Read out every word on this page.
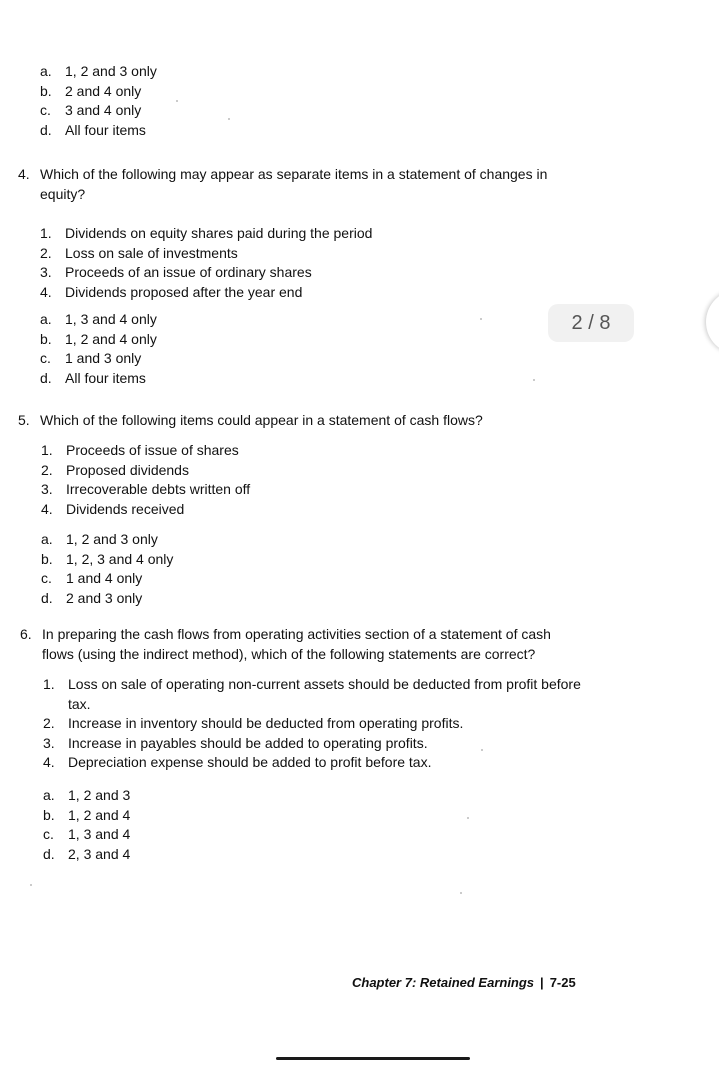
a. 1, 2 and 3 only
b. 2 and 4 only
c.	3 and 4 only
d. All four items
4. Which of the following may appear as separate items in a statement of changes in equity?
1. Dividends on equity shares paid during the period
2. Loss on sale of investments
3. Proceeds of an issue of ordinary shares
4. Dividends proposed after the year end
a. 1, 3 and 4 only
b. 1, 2 and 4 only
c.	1 and 3 only
d. All four items
5. Which of the following items could appear in a statement of cash flows?
1. Proceeds of issue of shares
2. Proposed dividends
3. Irrecoverable debts written off
4. Dividends received
a. 1, 2 and 3 only
b. 1, 2, 3 and 4 only
c.	1 and 4 only
d. 2 and 3 only
6. In preparing the cash flows from operating activities section of a statement of cash flows (using the indirect method), which of the following statements are correct?
1. Loss on sale of operating non-current assets should be deducted from profit before tax.
2. Increase in inventory should be deducted from operating profits.
3. Increase in payables should be added to operating profits.
4. Depreciation expense should be added to profit before tax.
a. 1, 2 and 3
b. 1, 2 and 4
c.	1, 3 and 4
d. 2, 3 and 4
Chapter 7: Retained Earnings | 7-25
2 / 8
